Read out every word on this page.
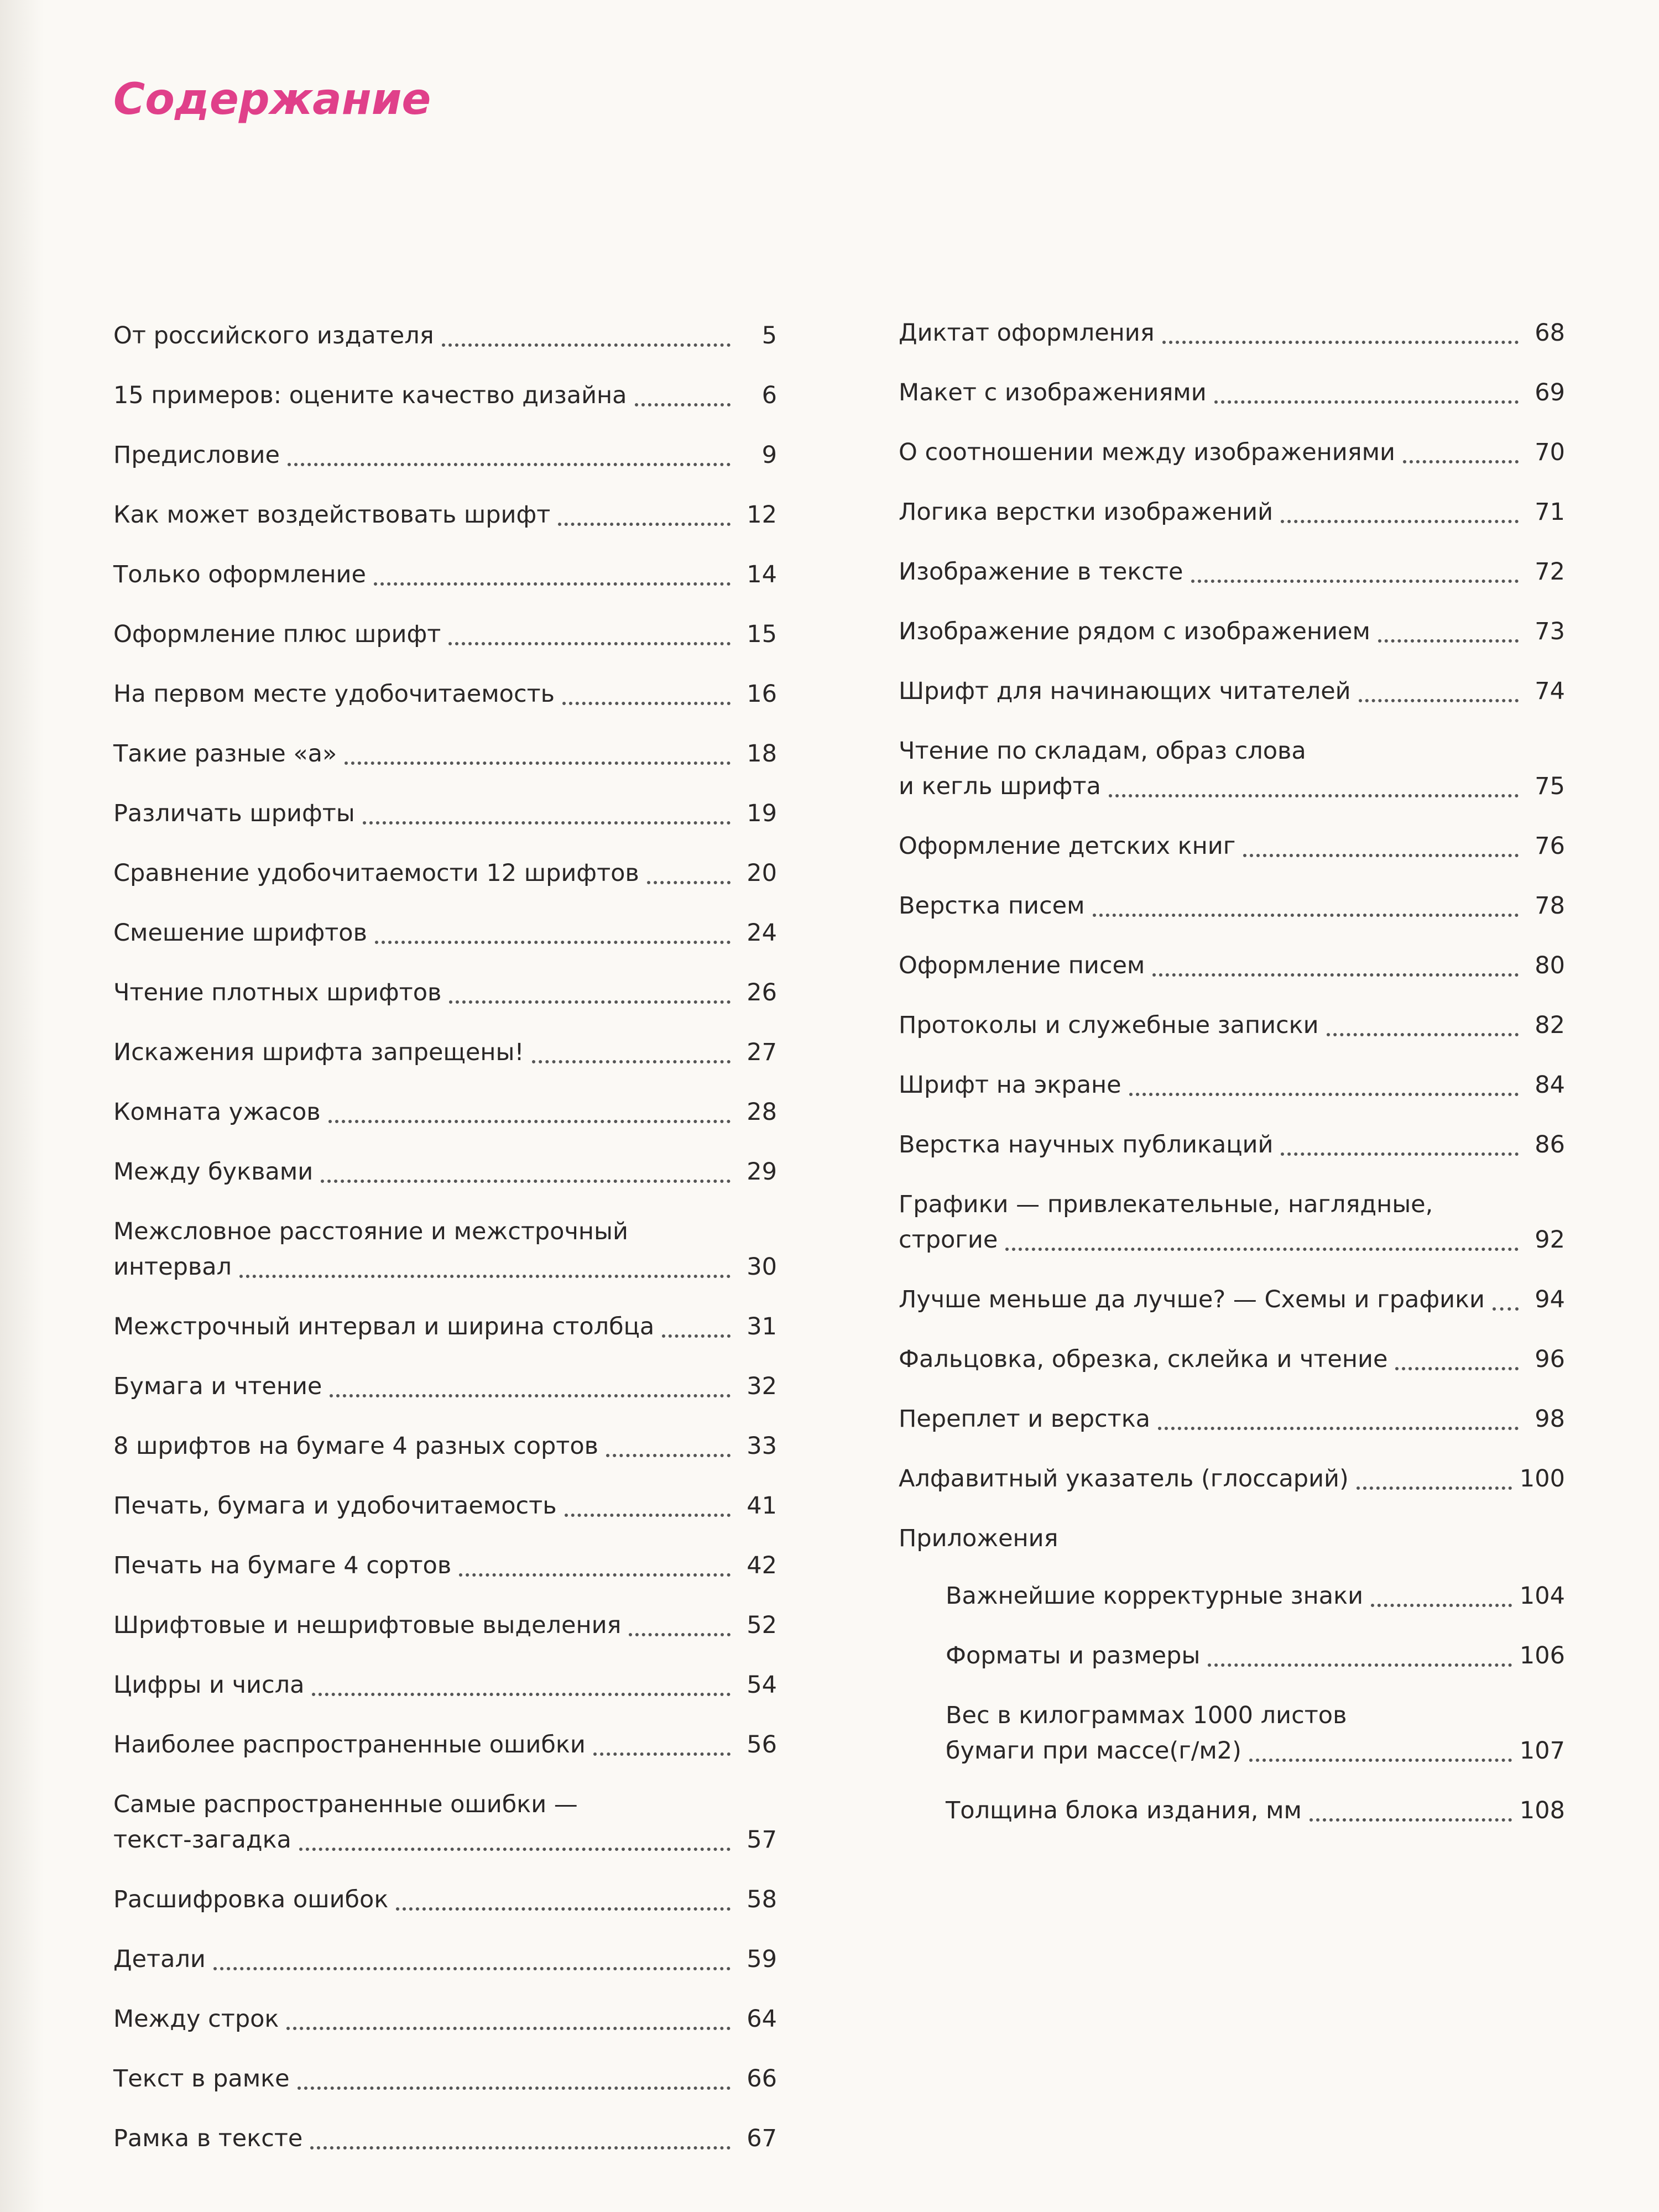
Содержание
От российского издателя	5
15 примеров: оцените качество дизайна	6
Предисловие	9
Как может воздействовать шрифт	12
Только оформление	14
Оформление плюс шрифт	15
На первом месте удобочитаемость	16
Такие разные «а»	18
Различать шрифты	19
Сравнение удобочитаемости 12 шрифтов	20
Смешение шрифтов	24
Чтение плотных шрифтов	26
Искажения шрифта запрещены!	27
Комната ужасов	28
Между буквами	29
Межсловное расстояние и межстрочный
интервал	30
Межстрочный интервал и ширина столбца	31
Бумага и чтение	32
8 шрифтов на бумаге 4 разных сортов	33
Печать, бумага и удобочитаемость	41
Печать на бумаге 4 сортов	42
Шрифтовые и нешрифтовые выделения	52
Цифры и числа	54
Наиболее распространенные ошибки	56
Самые распространенные ошибки —
текст-загадка	57
Расшифровка ошибок	58
Детали	59
Между строк	64
Текст в рамке	66
Рамка в тексте	67
Диктат оформления	68
Макет с изображениями	69
О соотношении между изображениями	70
Логика верстки изображений	71
Изображение в тексте	72
Изображение рядом с изображением	73
Шрифт для начинающих читателей	74
Чтение по складам, образ слова
и кегль шрифта	75
Оформление детских книг	76
Верстка писем	78
Оформление писем	80
Протоколы и служебные записки	82
Шрифт на экране	84
Верстка научных публикаций	86
Графики — привлекательные, наглядные,
строгие	92
Лучше меньше да лучше? — Схемы и графики	94
Фальцовка, обрезка, склейка и чтение	96
Переплет и верстка	98
Алфавитный указатель (глоссарий)	100
Приложения
Важнейшие корректурные знаки	104
Форматы и размеры	106
Вес в килограммах 1000 листов
бумаги при массе(г/м2)	107
Толщина блока издания, мм	108
